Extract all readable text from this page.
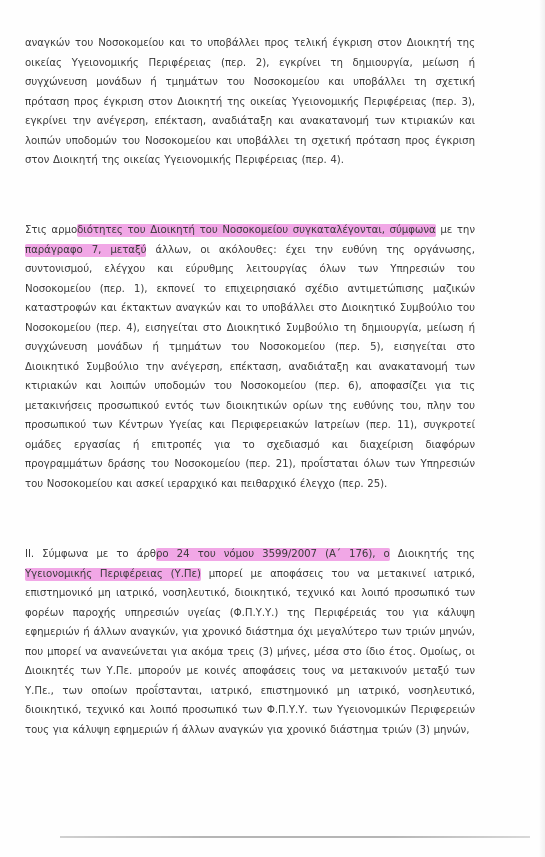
αναγκών του Νοσοκομείου και το υποβάλλει προς τελική έγκριση στον Διοικητή της οικείας Υγειονομικής Περιφέρειας (περ. 2), εγκρίνει τη δημιουργία, μείωση ή συγχώνευση μονάδων ή τμημάτων του Νοσοκομείου και υποβάλλει τη σχετική πρόταση προς έγκριση στον Διοικητή της οικείας Υγειονομικής Περιφέρειας (περ. 3), εγκρίνει την ανέγερση, επέκταση, αναδιάταξη και ανακατανομή των κτιριακών και λοιπών υποδομών του Νοσοκομείου και υποβάλλει τη σχετική πρόταση προς έγκριση στον Διοικητή της οικείας Υγειονομικής Περιφέρειας (περ. 4).

Στις αρμοδιότητες του Διοικητή του Νοσοκομείου συγκαταλέγονται, σύμφωνα με την παράγραφο 7, μεταξύ άλλων, οι ακόλουθες: έχει την ευθύνη της οργάνωσης, συντονισμού, ελέγχου και εύρυθμης λειτουργίας όλων των Υπηρεσιών του Νοσοκομείου (περ. 1), εκπονεί το επιχειρησιακό σχέδιο αντιμετώπισης μαζικών καταστροφών και έκτακτων αναγκών και το υποβάλλει στο Διοικητικό Συμβούλιο του Νοσοκομείου (περ. 4), εισηγείται στο Διοικητικό Συμβούλιο τη δημιουργία, μείωση ή συγχώνευση μονάδων ή τμημάτων του Νοσοκομείου (περ. 5), εισηγείται στο Διοικητικό Συμβούλιο την ανέγερση, επέκταση, αναδιάταξη και ανακατανομή των κτιριακών και λοιπών υποδομών του Νοσοκομείου (περ. 6), αποφασίζει για τις μετακινήσεις προσωπικού εντός των διοικητικών ορίων της ευθύνης του, πλην του προσωπικού των Κέντρων Υγείας και Περιφερειακών Ιατρείων (περ. 11), συγκροτεί ομάδες εργασίας ή επιτροπές για το σχεδιασμό και διαχείριση διαφόρων προγραμμάτων δράσης του Νοσοκομείου (περ. 21), προΐσταται όλων των Υπηρεσιών του Νοσοκομείου και ασκεί ιεραρχικό και πειθαρχικό έλεγχο (περ. 25).

ΙΙ. Σύμφωνα με το άρθρο 24 του νόμου 3599/2007 (Α΄ 176), ο Διοικητής της Υγειονομικής Περιφέρειας (Υ.Πε) μπορεί με αποφάσεις του να μετακινεί ιατρικό, επιστημονικό μη ιατρικό, νοσηλευτικό, διοικητικό, τεχνικό και λοιπό προσωπικό των φορέων παροχής υπηρεσιών υγείας (Φ.Π.Υ.Υ.) της Περιφέρειάς του για κάλυψη εφημεριών ή άλλων αναγκών, για χρονικό διάστημα όχι μεγαλύτερο των τριών μηνών, που μπορεί να ανανεώνεται για ακόμα τρεις (3) μήνες, μέσα στο ίδιο έτος. Ομοίως, οι Διοικητές των Υ.Πε. μπορούν με κοινές αποφάσεις τους να μετακινούν μεταξύ των Υ.Πε., των οποίων προΐστανται, ιατρικό, επιστημονικό μη ιατρικό, νοσηλευτικό, διοικητικό, τεχνικό και λοιπό προσωπικό των Φ.Π.Υ.Υ. των Υγειονομικών Περιφερειών τους για κάλυψη εφημεριών ή άλλων αναγκών για χρονικό διάστημα τριών (3) μηνών,
